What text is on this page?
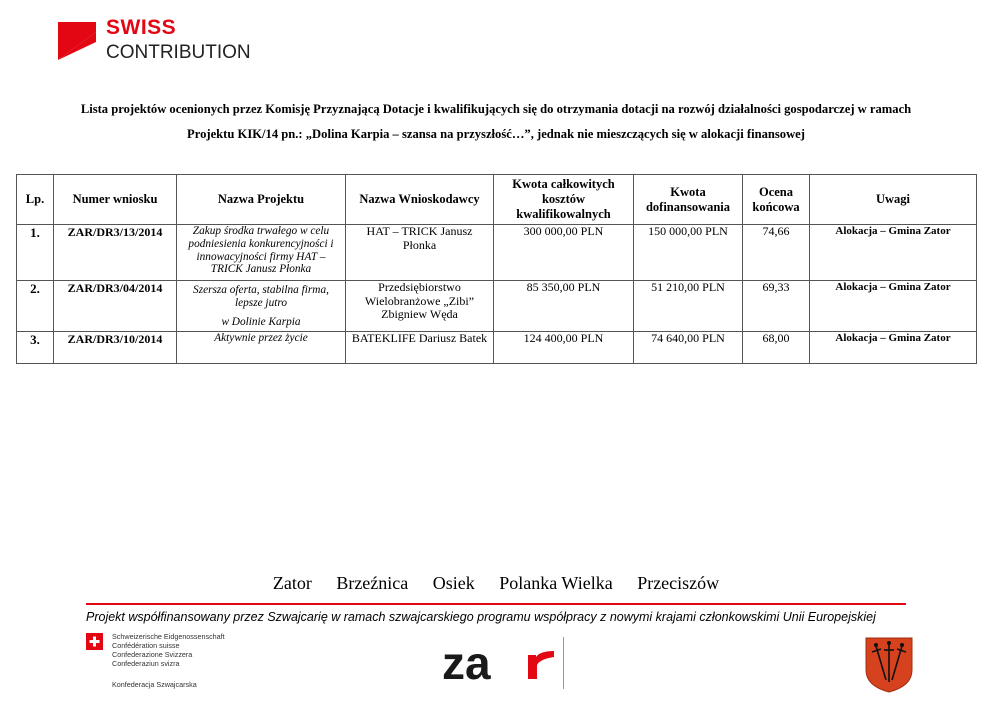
SWISS
CONTRIBUTION
Lista projektów ocenionych przez Komisję Przyznającą Dotacje i kwalifikujących się do otrzymania dotacji na rozwój działalności gospodarczej w ramach
Projektu KIK/14 pn.: „Dolina Karpia – szansa na przyszłość…”, jednak nie mieszczących się w alokacji finansowej
Lp.	Numer wniosku	Nazwa Projektu	Nazwa Wnioskodawcy	Kwota całkowitych kosztów kwalifikowalnych	Kwota dofinansowania	Ocena końcowa	Uwagi
1.	ZAR/DR3/13/2014	Zakup środka trwałego w celu podniesienia konkurencyjności i innowacyjności firmy HAT – TRICK Janusz Płonka	HAT – TRICK Janusz Płonka	300 000,00 PLN	150 000,00 PLN	74,66	Alokacja – Gmina Zator
2.	ZAR/DR3/04/2014	Szersza oferta, stabilna firma, lepsze jutro
w Dolinie Karpia	Przedsiębiorstwo Wielobranżowe „Zibi” Zbigniew Węda	85 350,00 PLN	51 210,00 PLN	69,33	Alokacja – Gmina Zator
3.	ZAR/DR3/10/2014	Aktywnie przez życie	BATEKLIFE Dariusz Batek	124 400,00 PLN	74 640,00 PLN	68,00	Alokacja – Gmina Zator
Zator Brzeźnica Osiek Polanka Wielka Przeciszów
Projekt współfinansowany przez Szwajcarię w ramach szwajcarskiego programu współpracy z nowymi krajami członkowskimi Unii Europejskiej
Schweizerische Eidgenossenschaft
Confédération suisse
Confederazione Svizzera
Confederaziun svizra
Konfederacja Szwajcarska	za
